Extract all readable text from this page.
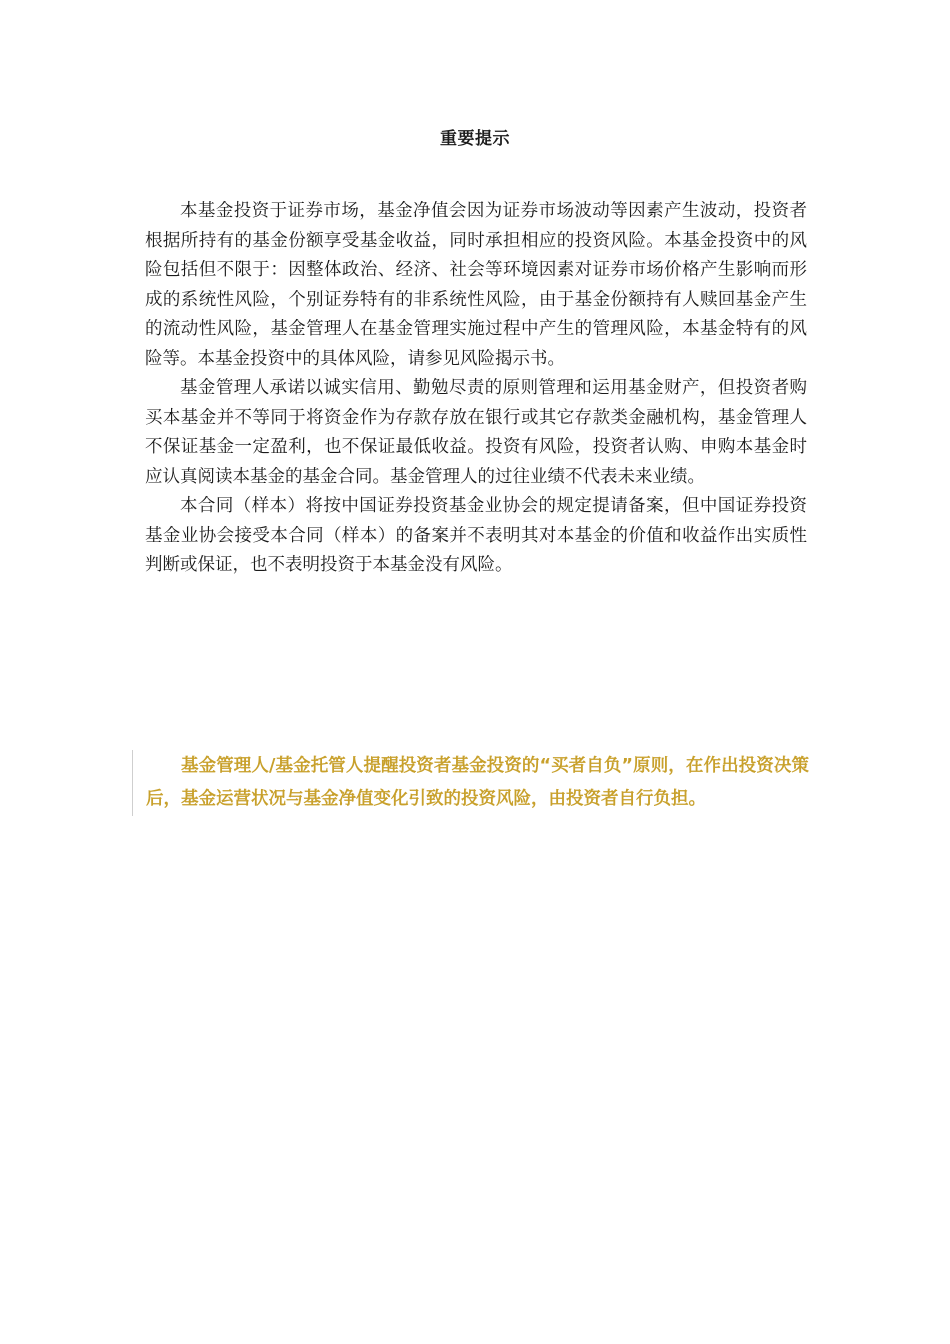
重要提示

本基金投资于证券市场，基金净值会因为证券市场波动等因素产生波动，投资者根据所持有的基金份额享受基金收益，同时承担相应的投资风险。本基金投资中的风险包括但不限于：因整体政治、经济、社会等环境因素对证券市场价格产生影响而形成的系统性风险，个别证券特有的非系统性风险，由于基金份额持有人赎回基金产生的流动性风险，基金管理人在基金管理实施过程中产生的管理风险，本基金特有的风险等。本基金投资中的具体风险，请参见风险揭示书。

基金管理人承诺以诚实信用、勤勉尽责的原则管理和运用基金财产，但投资者购买本基金并不等同于将资金作为存款存放在银行或其它存款类金融机构，基金管理人不保证基金一定盈利，也不保证最低收益。投资有风险，投资者认购、申购本基金时应认真阅读本基金的基金合同。基金管理人的过往业绩不代表未来业绩。

本合同（样本）将按中国证券投资基金业协会的规定提请备案，但中国证券投资基金业协会接受本合同（样本）的备案并不表明其对本基金的价值和收益作出实质性判断或保证，也不表明投资于本基金没有风险。

基金管理人/基金托管人提醒投资者基金投资的“买者自负”原则，在作出投资决策后，基金运营状况与基金净值变化引致的投资风险，由投资者自行负担。
